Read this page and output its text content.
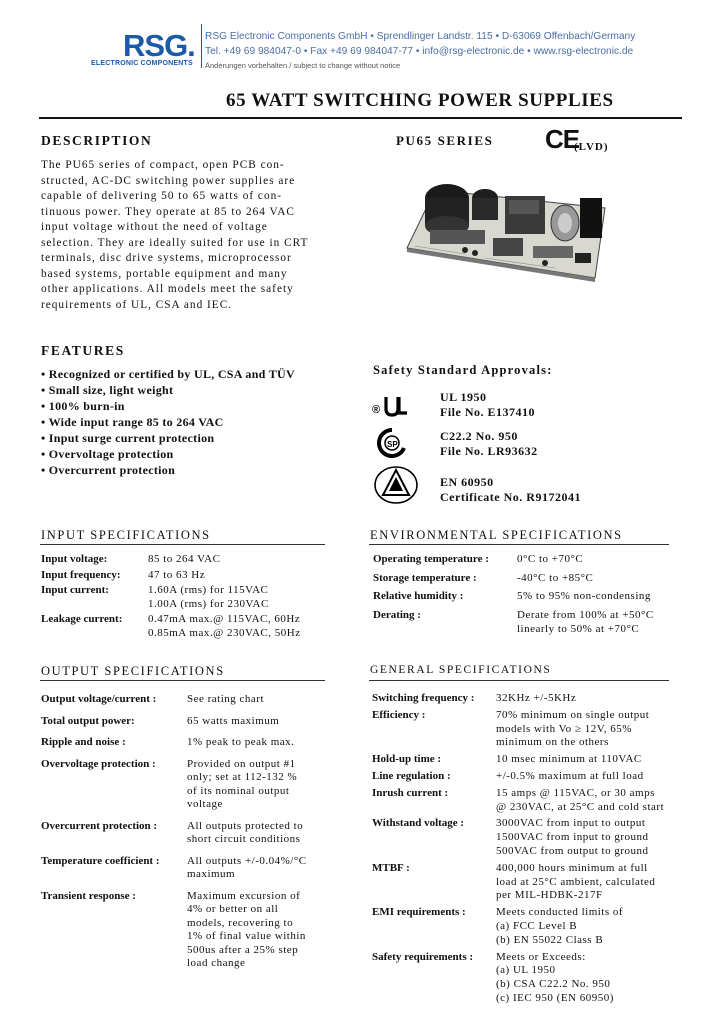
RSG.
ELECTRONIC COMPONENTS
RSG Electronic Components GmbH • Sprendlinger Landstr. 115 • D-63069 Offenbach/Germany
Tel. +49 69 984047-0 • Fax +49 69 984047-77 • info@rsg-electronic.de • www.rsg-electronic.de
Änderungen vorbehalten / subject to change without notice
65 WATT SWITCHING POWER SUPPLIES
DESCRIPTION
The PU65 series of compact, open PCB con-
structed, AC-DC switching power supplies are
capable of delivering 50 to 65 watts of con-
tinuous power. They operate at 85 to 264 VAC
input voltage without the need of voltage
selection. They are ideally suited for use in CRT
terminals, disc drive systems, microprocessor
based systems, portable equipment and many
other applications. All models meet the safety
requirements of UL, CSA and IEC.
PU65 SERIES CE
(LVD)
FEATURES
• Recognized or certified by UL, CSA and TÜV
• Small size, light weight
• 100% burn-in
• Wide input range 85 to 264 VAC
• Input surge current protection
• Overvoltage protection
• Overcurrent protection
Safety Standard Approvals:
®
UL 1950
File No. E137410
SP
C22.2 No. 950
File No. LR93632
EN 60950
Certificate No. R9172041
INPUT SPECIFICATIONS
Input voltage:	85 to 264 VAC
Input frequency: 47 to 63 Hz
Input current:	1.60A (rms) for 115VAC
1.00A (rms) for 230VAC
Leakage current: 0.47mA max.@ 115VAC, 60Hz
0.85mA max.@ 230VAC, 50Hz
ENVIRONMENTAL SPECIFICATIONS
Operating temperature :	0°C to +70°C
Storage temperature :	-40°C to +85°C
Relative humidity :	5% to 95% non-condensing
Derating :	Derate from 100% at +50°C
linearly to 50% at +70°C
OUTPUT SPECIFICATIONS
Output voltage/current :	See rating chart
Total output power:	65 watts maximum
Ripple and noise :	1% peak to peak max.
Overvoltage protection :	Provided on output #1
only; set at 112-132 %
of its nominal output
voltage
Overcurrent protection :	All outputs protected to
short circuit conditions
Temperature coefficient : All outputs +/-0.04%/°C
maximum
Transient response :	Maximum excursion of
4% or better on all
models, recovering to
1% of final value within
500us after a 25% step
load change
GENERAL SPECIFICATIONS
Switching frequency : 32KHz +/-5KHz
Efficiency :	70% minimum on single output
models with Vo ≥ 12V, 65%
minimum on the others
Hold-up time :	10 msec minimum at 110VAC
Line regulation :	+/-0.5% maximum at full load
Inrush current :	15 amps @ 115VAC, or 30 amps
@ 230VAC, at 25°C and cold start
Withstand voltage :	3000VAC from input to output
1500VAC from input to ground
500VAC from output to ground
MTBF :	400,000 hours minimum at full
load at 25°C ambient, calculated
per MIL-HDBK-217F
EMI requirements :	Meets conducted limits of
(a) FCC Level B
(b) EN 55022 Class B
Safety requirements : Meets or Exceeds:
(a) UL 1950
(b) CSA C22.2 No. 950
(c) IEC 950 (EN 60950)
